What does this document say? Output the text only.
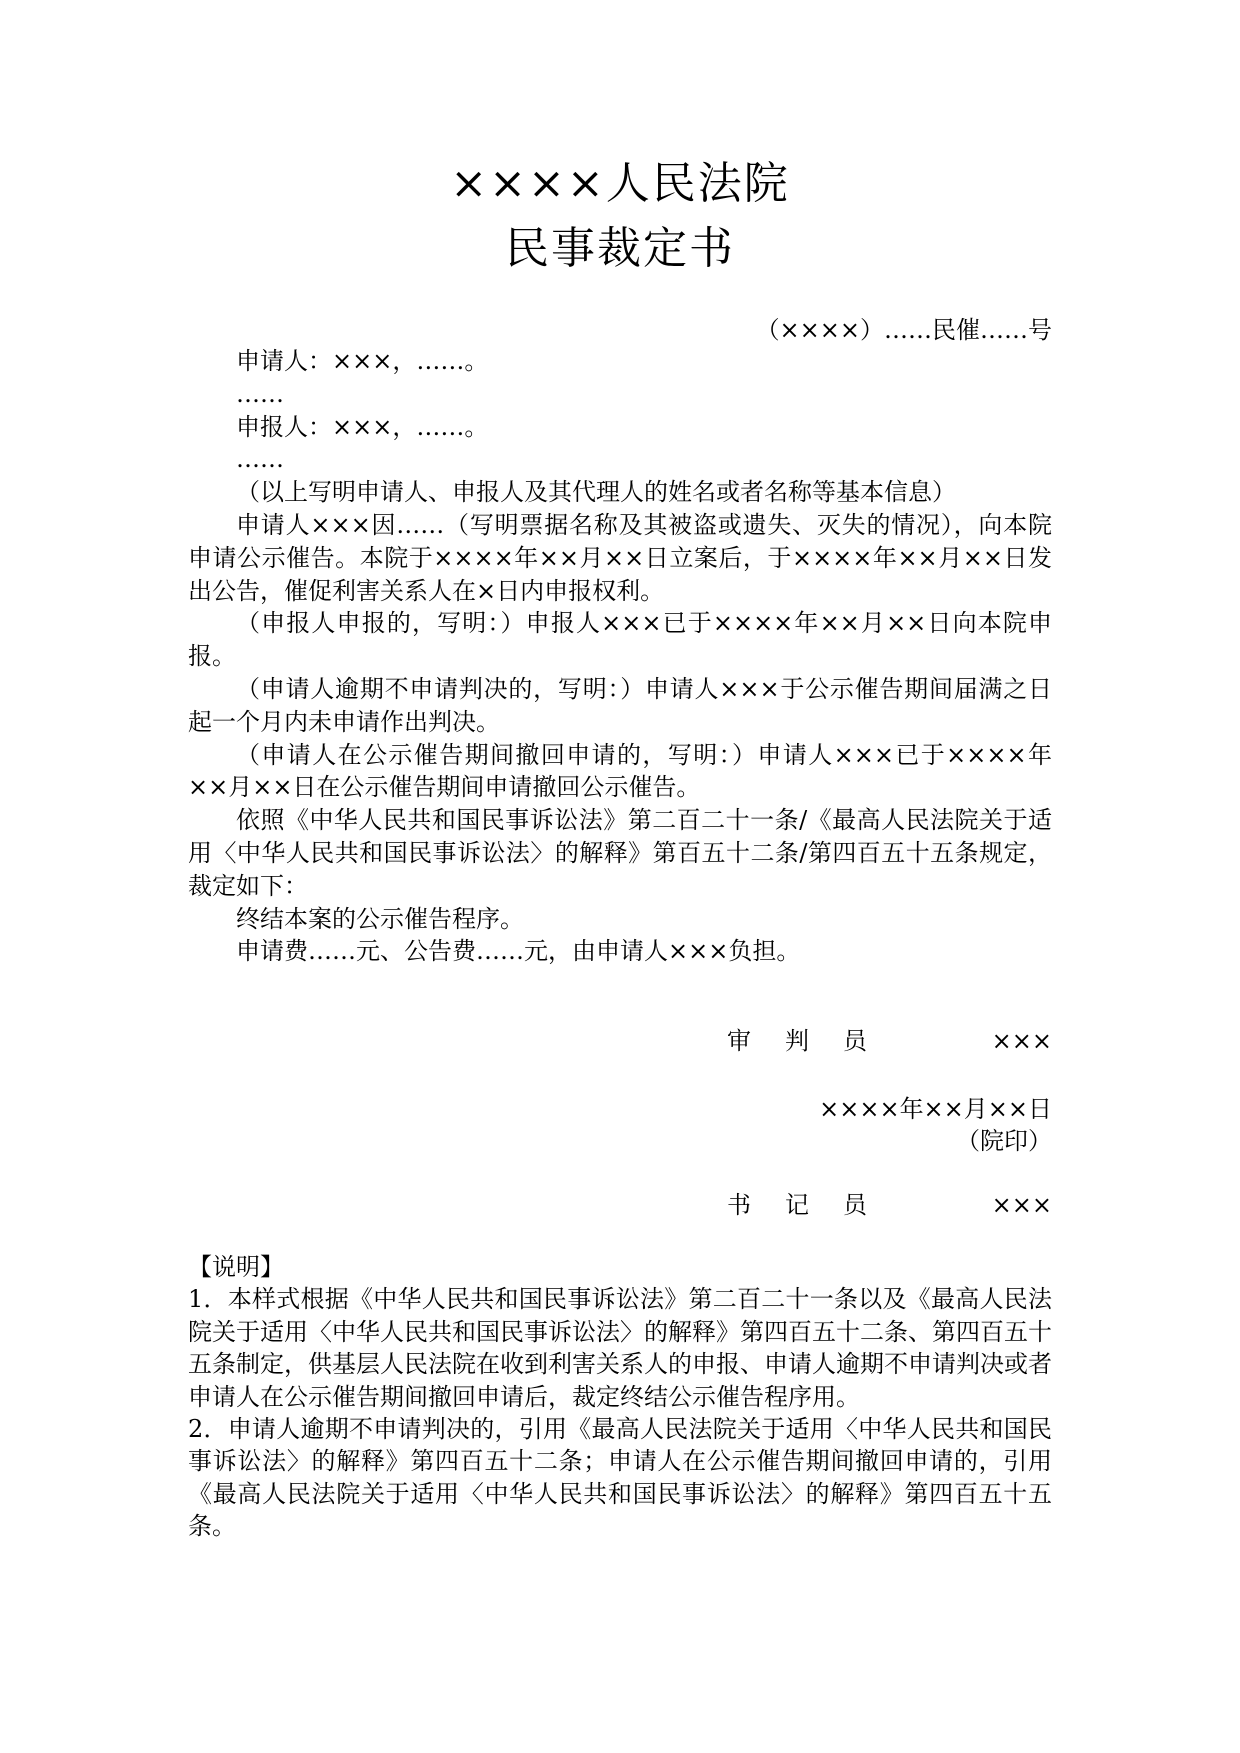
××××人民法院
民事裁定书
（××××）……民催……号

申请人：×××，……。

……

申报人：×××，……。

……

（以上写明申请人、申报人及其代理人的姓名或者名称等基本信息）

申请人×××因……（写明票据名称及其被盗或遗失、灭失的情况），向本院申请公示催告。本院于××××年××月××日立案后，于××××年××月××日发出公告，催促利害关系人在×日内申报权利。

（申报人申报的，写明：）申报人×××已于××××年××月××日向本院申报。

（申请人逾期不申请判决的，写明：）申请人×××于公示催告期间届满之日起一个月内未申请作出判决。

（申请人在公示催告期间撤回申请的，写明：）申请人×××已于××××年××月××日在公示催告期间申请撤回公示催告。

依照《中华人民共和国民事诉讼法》第二百二十一条/《最高人民法院关于适用〈中华人民共和国民事诉讼法〉的解释》第百五十二条/第四百五十五条规定，裁定如下：

终结本案的公示催告程序。

申请费……元、公告费……元，由申请人×××负担。

审判员	×××
××××年××月××日
（院印）
书记员	×××

【说明】

1．本样式根据《中华人民共和国民事诉讼法》第二百二十一条以及《最高人民法院关于适用〈中华人民共和国民事诉讼法〉的解释》第四百五十二条、第四百五十五条制定，供基层人民法院在收到利害关系人的申报、申请人逾期不申请判决或者申请人在公示催告期间撤回申请后，裁定终结公示催告程序用。

2．申请人逾期不申请判决的，引用《最高人民法院关于适用〈中华人民共和国民事诉讼法〉的解释》第四百五十二条；申请人在公示催告期间撤回申请的，引用《最高人民法院关于适用〈中华人民共和国民事诉讼法〉的解释》第四百五十五条。
